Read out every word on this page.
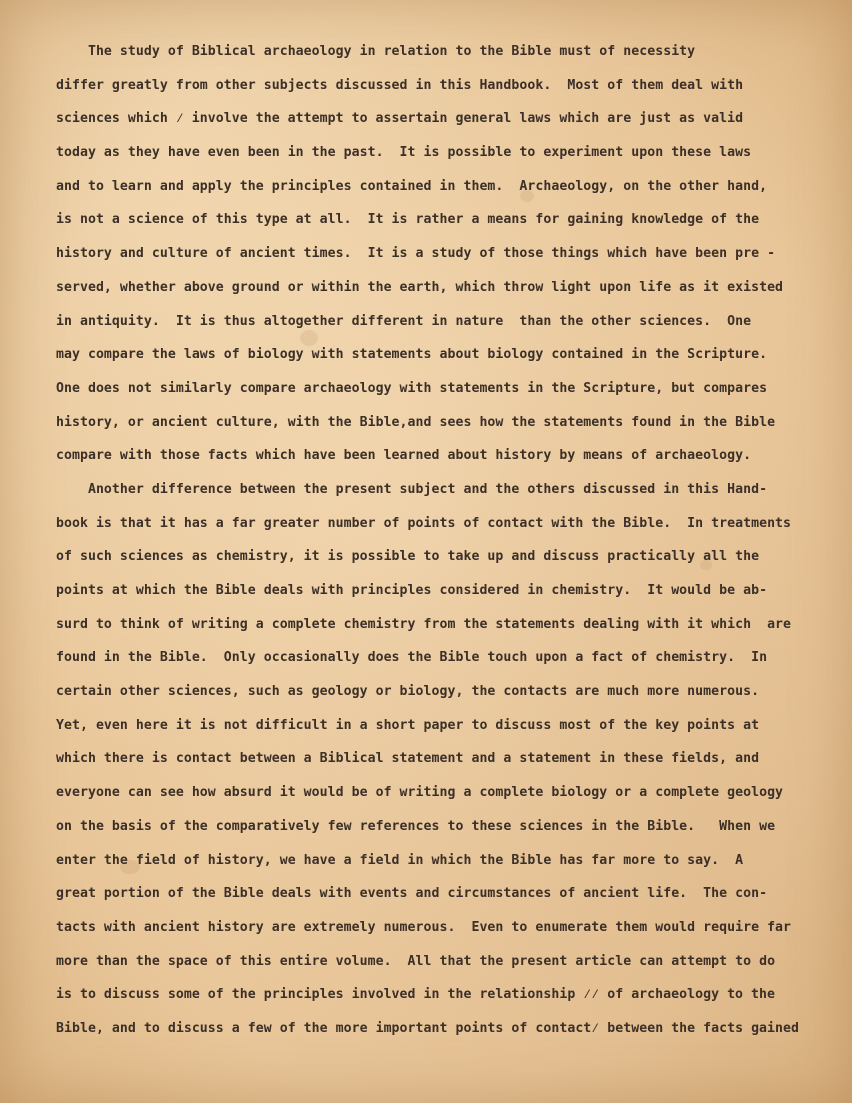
The study of Biblical archaeology in relation to the Bible must of necessity
differ greatly from other subjects discussed in this Handbook.  Most of them deal with
sciences which ⁄ involve the attempt to assertain general laws which are just as valid
today as they have even been in the past.  It is possible to experiment upon these laws
and to learn and apply the principles contained in them.  Archaeology, on the other hand,
is not a science of this type at all.  It is rather a means for gaining knowledge of the
history and culture of ancient times.  It is a study of those things which have been pre -
served, whether above ground or within the earth, which throw light upon life as it existed
in antiquity.  It is thus altogether different in nature  than the other sciences.  One
may compare the laws of biology with statements about biology contained in the Scripture.
One does not similarly compare archaeology with statements in the Scripture, but compares
history, or ancient culture, with the Bible,and sees how the statements found in the Bible
compare with those facts which have been learned about history by means of archaeology.
Another difference between the present subject and the others discussed in this Hand-
book is that it has a far greater number of points of contact with the Bible.  In treatments
of such sciences as chemistry, it is possible to take up and discuss practically all the
points at which the Bible deals with principles considered in chemistry.  It would be ab-
surd to think of writing a complete chemistry from the statements dealing with it which  are
found in the Bible.  Only occasionally does the Bible touch upon a fact of chemistry.  In
certain other sciences, such as geology or biology, the contacts are much more numerous.
Yet, even here it is not difficult in a short paper to discuss most of the key points at
which there is contact between a Biblical statement and a statement in these fields, and
everyone can see how absurd it would be of writing a complete biology or a complete geology
on the basis of the comparatively few references to these sciences in the Bible.   When we
enter the field of history, we have a field in which the Bible has far more to say.  A
great portion of the Bible deals with events and circumstances of ancient life.  The con-
tacts with ancient history are extremely numerous.  Even to enumerate them would require far
more than the space of this entire volume.  All that the present article can attempt to do
is to discuss some of the principles involved in the relationship ⁄⁄ of archaeology to the
Bible, and to discuss a few of the more important points of contact⁄ between the facts gained
